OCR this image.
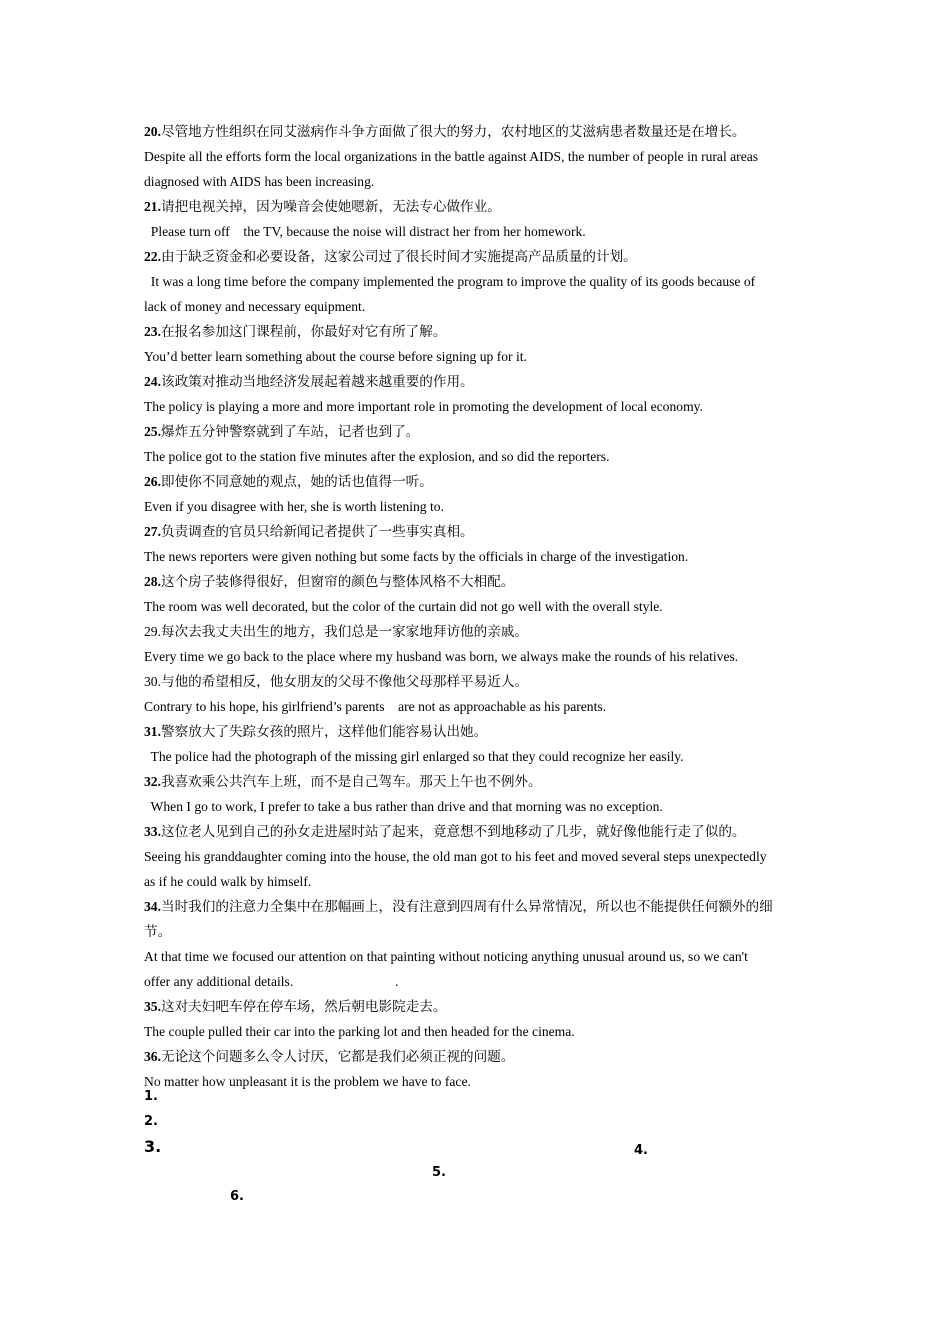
20.尽管地方性组织在同艾滋病作斗争方面做了很大的努力，农村地区的艾滋病患者数量还是在增长。
Despite all the efforts form the local organizations in the battle against AIDS, the number of people in rural areas
diagnosed with AIDS has been increasing.
21.请把电视关掉，因为噪音会使她嗯新，无法专心做作业。
Please turn off    the TV, because the noise will distract her from her homework.
22.由于缺乏资金和必要设备，这家公司过了很长时间才实施提高产品质量的计划。
It was a long time before the company implemented the program to improve the quality of its goods because of
lack of money and necessary equipment.
23.在报名参加这门课程前，你最好对它有所了解。
You’d better learn something about the course before signing up for it.
24.该政策对推动当地经济发展起着越来越重要的作用。
The policy is playing a more and more important role in promoting the development of local economy.
25.爆炸五分钟警察就到了车站，记者也到了。
The police got to the station five minutes after the explosion, and so did the reporters.
26.即使你不同意她的观点，她的话也值得一听。
Even if you disagree with her, she is worth listening to.
27.负责调查的官员只给新闻记者提供了一些事实真相。
The news reporters were given nothing but some facts by the officials in charge of the investigation.
28.这个房子装修得很好，但窗帘的颜色与整体风格不大相配。
The room was well decorated, but the color of the curtain did not go well with the overall style.
29.每次去我丈夫出生的地方，我们总是一家家地拜访他的亲戚。
Every time we go back to the place where my husband was born, we always make the rounds of his relatives.
30.与他的希望相反，他女朋友的父母不像他父母那样平易近人。
Contrary to his hope, his girlfriend’s parents    are not as approachable as his parents.
31.警察放大了失踪女孩的照片，这样他们能容易认出她。
The police had the photograph of the missing girl enlarged so that they could recognize her easily.
32.我喜欢乘公共汽车上班，而不是自己驾车。那天上午也不例外。
When I go to work, I prefer to take a bus rather than drive and that morning was no exception.
33.这位老人见到自己的孙女走进屋时站了起来，竟意想不到地移动了几步，就好像他能行走了似的。
Seeing his granddaughter coming into the house, the old man got to his feet and moved several steps unexpectedly
as if he could walk by himself.
34.当时我们的注意力全集中在那幅画上，没有注意到四周有什么异常情况，所以也不能提供任何额外的细
节。
At that time we focused our attention on that painting without noticing anything unusual around us, so we can't
offer any additional details.                              .
35.这对夫妇吧车停在停车场，然后朝电影院走去。
The couple pulled their car into the parking lot and then headed for the cinema.
36.无论这个问题多么令人讨厌，它都是我们必须正视的问题。
No matter how unpleasant it is the problem we have to face.
1.
2.
3.	4.
5.
6.
